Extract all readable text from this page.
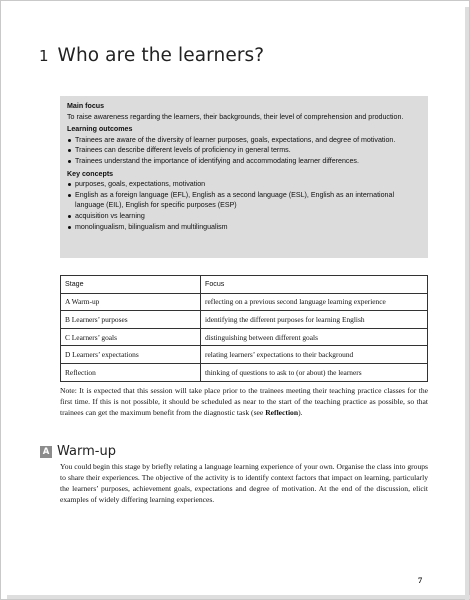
1 Who are the learners?
Main focus
To raise awareness regarding the learners, their backgrounds, their level of comprehension and production.
Learning outcomes
Trainees are aware of the diversity of learner purposes, goals, expectations, and degree of motivation.
Trainees can describe different levels of proficiency in general terms.
Trainees understand the importance of identifying and accommodating learner differences.
Key concepts
purposes, goals, expectations, motivation
English as a foreign language (EFL), English as a second language (ESL), English as an international language (EIL), English for specific purposes (ESP)
acquisition vs learning
monolingualism, bilingualism and multilingualism
Stage	Focus
A Warm-up	reflecting on a previous second language learning experience
B Learners’ purposes	identifying the different purposes for learning English
C Learners’ goals	distinguishing between different goals
D Learners’ expectations	relating learners’ expectations to their background
Reflection	thinking of questions to ask to (or about) the learners

Note: It is expected that this session will take place prior to the trainees meeting their teaching practice classes for the first time. If this is not possible, it should be scheduled as near to the start of the teaching practice as possible, so that trainees can get the maximum benefit from the diagnostic task (see Reflection).

A Warm-up

You could begin this stage by briefly relating a language learning experience of your own. Organise the class into groups to share their experiences. The objective of the activity is to identify context factors that impact on learning, particularly the learners’ purposes, achievement goals, expectations and degree of motivation. At the end of the discussion, elicit examples of widely differing learning experiences.

7
